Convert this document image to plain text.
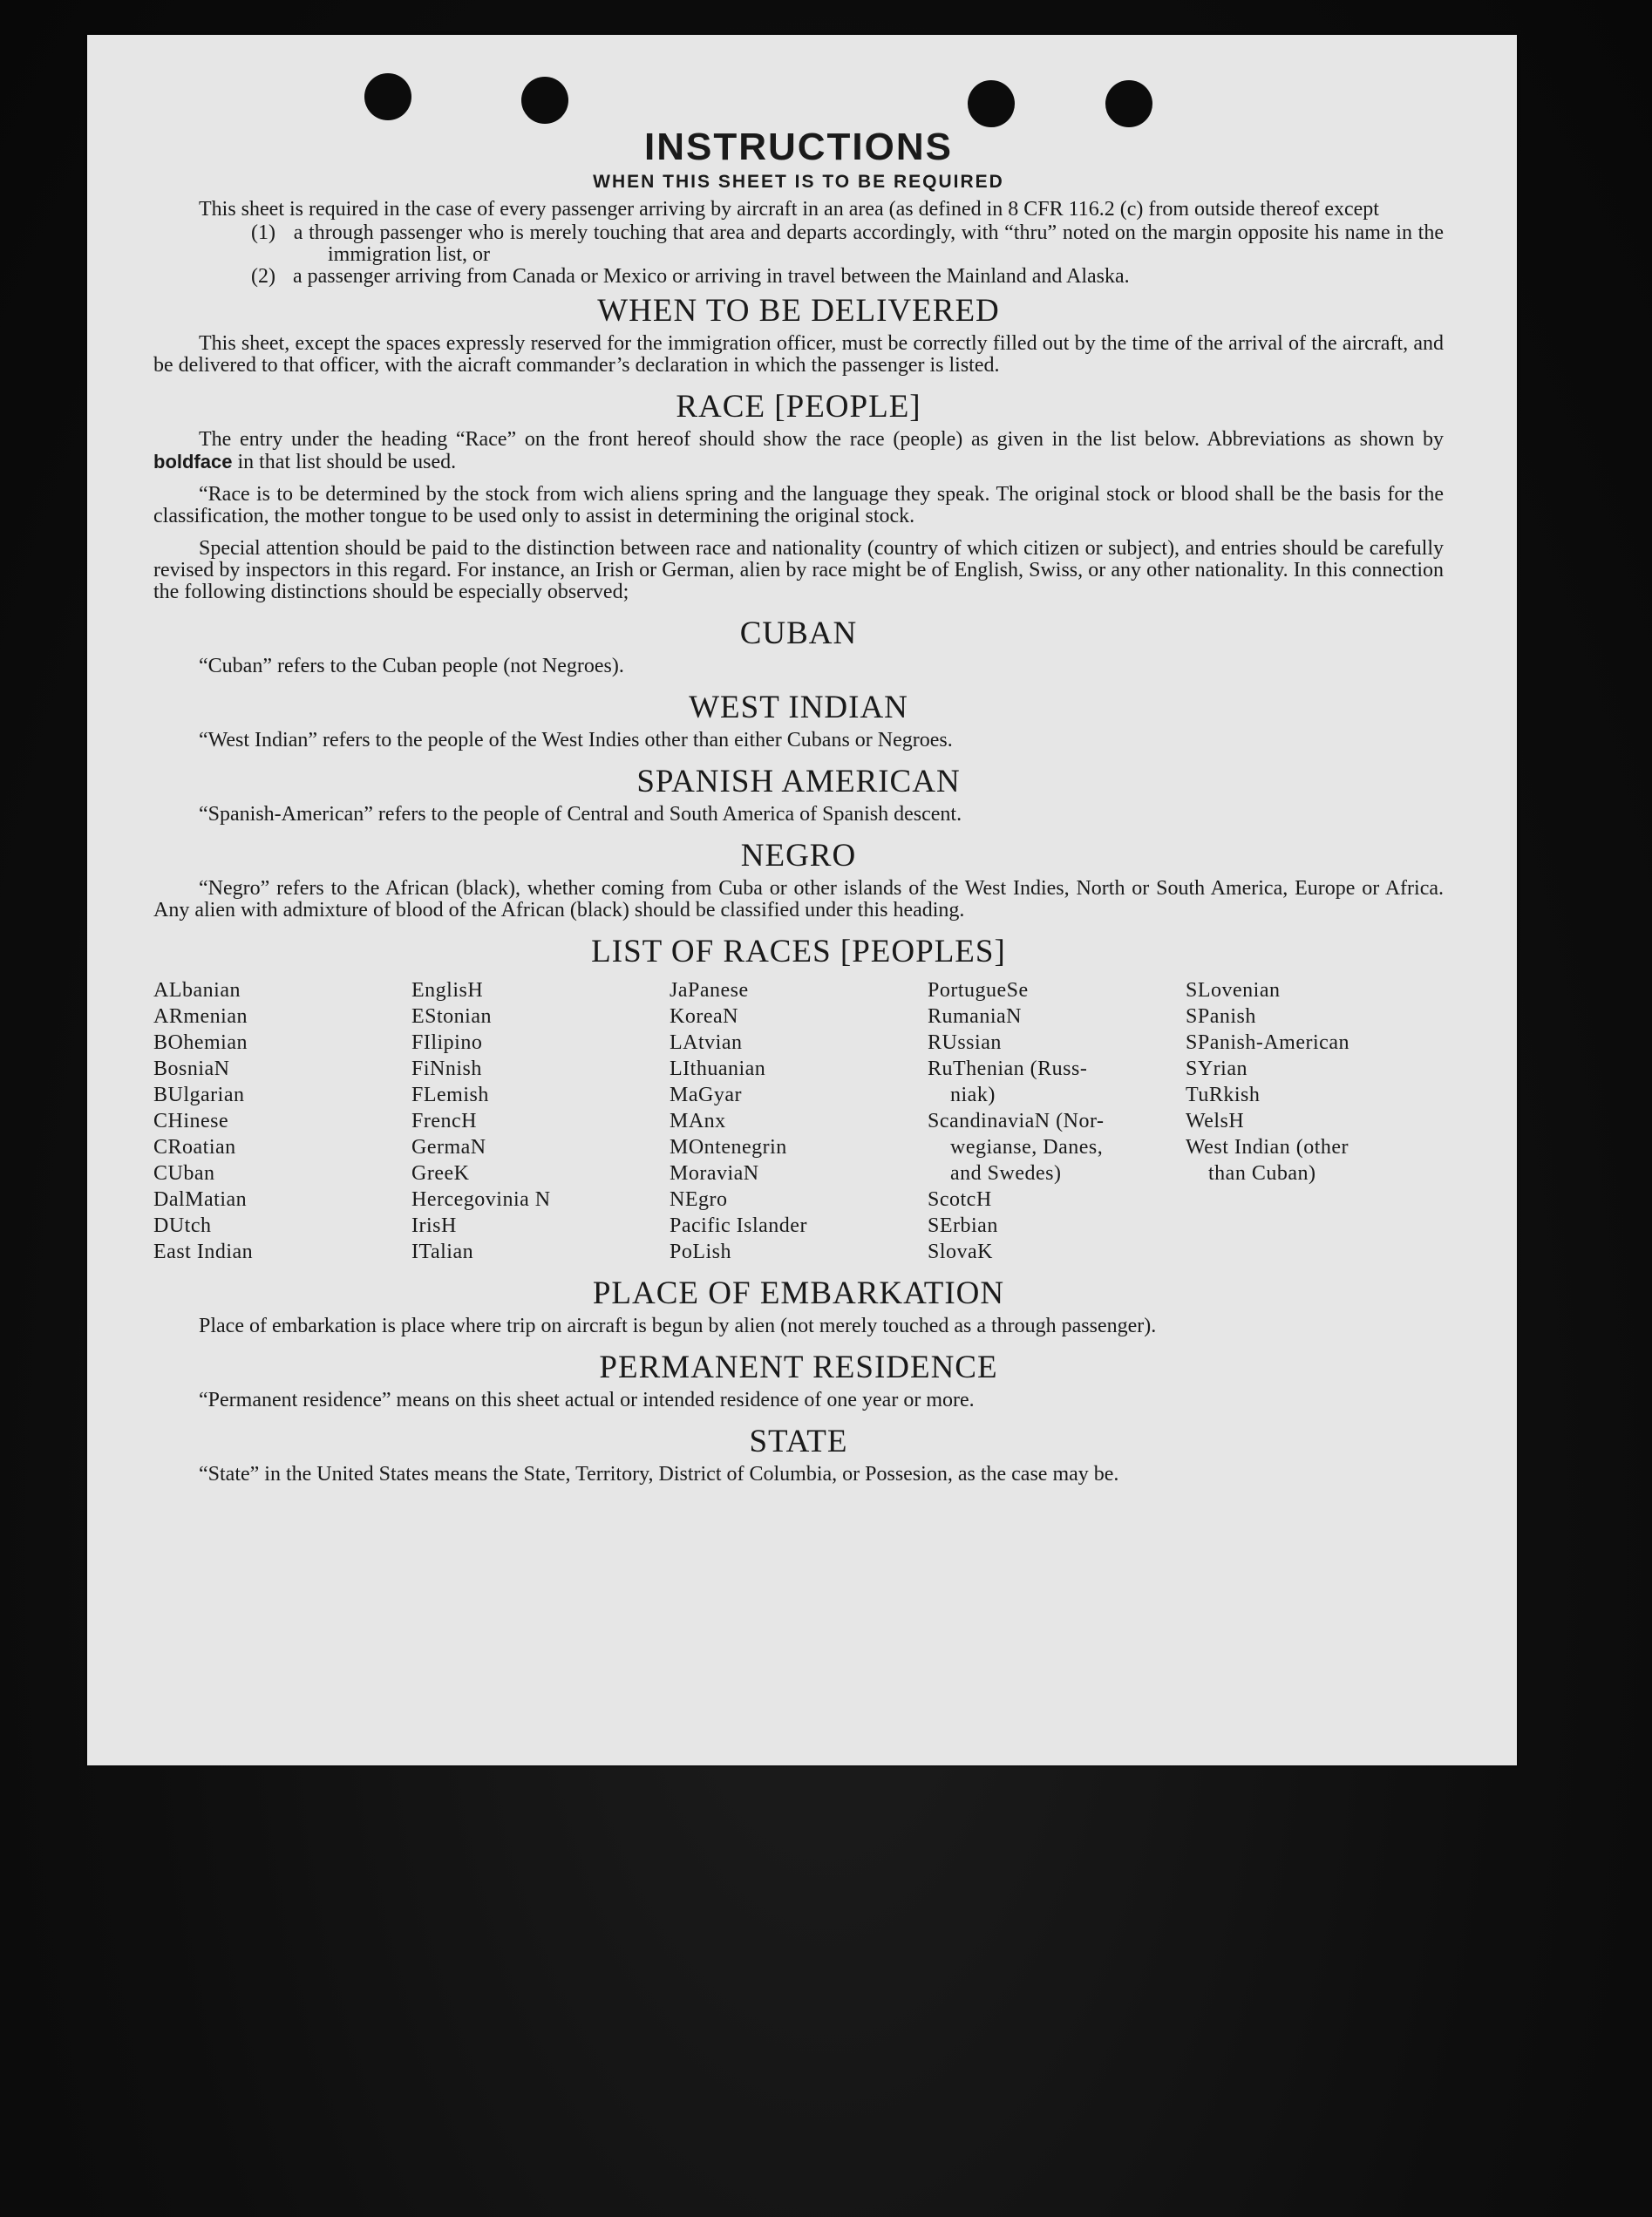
INSTRUCTIONS
WHEN THIS SHEET IS TO BE REQUIRED

This sheet is required in the case of every passenger arriving by aircraft in an area (as defined in 8 CFR 116.2 (c) from outside thereof except

(1) a through passenger who is merely touching that area and departs accordingly, with “thru” noted on the margin opposite his name in the immigration list, or
(2) a passenger arriving from Canada or Mexico or arriving in travel between the Mainland and Alaska.
WHEN TO BE DELIVERED

This sheet, except the spaces expressly reserved for the immigration officer, must be correctly filled out by the time of the arrival of the aircraft, and be delivered to that officer, with the aicraft commander’s declaration in which the passenger is listed.

RACE [PEOPLE]

The entry under the heading “Race” on the front hereof should show the race (people) as given in the list below. Abbreviations as shown by boldface in that list should be used.

“Race is to be determined by the stock from wich aliens spring and the language they speak. The original stock or blood shall be the basis for the classification, the mother tongue to be used only to assist in determining the original stock.

Special attention should be paid to the distinction between race and nationality (country of which citizen or subject), and entries should be carefully revised by inspectors in this regard. For instance, an Irish or German, alien by race might be of English, Swiss, or any other nationality. In this connection the following distinctions should be especially observed;

CUBAN

“Cuban” refers to the Cuban people (not Negroes).

WEST INDIAN

“West Indian” refers to the people of the West Indies other than either Cubans or Negroes.

SPANISH AMERICAN

“Spanish-American” refers to the people of Central and South America of Spanish descent.

NEGRO

“Negro” refers to the African (black), whether coming from Cuba or other islands of the West Indies, North or South America, Europe or Africa. Any alien with admixture of blood of the African (black) should be classified under this heading.

LIST OF RACES [PEOPLES]
ALbanian
ARmenian
BOhemian
BosniaN
BUlgarian
CHinese
CRoatian
CUban
DalMatian
DUtch
East Indian
EnglisH
EStonian
FIlipino
FiNnish
FLemish
FrencH
GermaN
GreeK
Hercegovinia N
IrisH
ITalian
JaPanese
KoreaN
LAtvian
LIthuanian
MaGyar
MAnx
MOntenegrin
MoraviaN
NEgro
Pacific Islander
PoLish
PortugueSe
RumaniaN
RUssian
RuThenian (Russ-
niak)
ScandinaviaN (Nor-
wegianse, Danes,
and Swedes)
ScotcH
SErbian
SlovaK
SLovenian
SPanish
SPanish-American
SYrian
TuRkish
WelsH
West Indian (other
than Cuban)
PLACE OF EMBARKATION

Place of embarkation is place where trip on aircraft is begun by alien (not merely touched as a through passenger).

PERMANENT RESIDENCE

“Permanent residence” means on this sheet actual or intended residence of one year or more.

STATE

“State” in the United States means the State, Territory, District of Columbia, or Possesion, as the case may be.
